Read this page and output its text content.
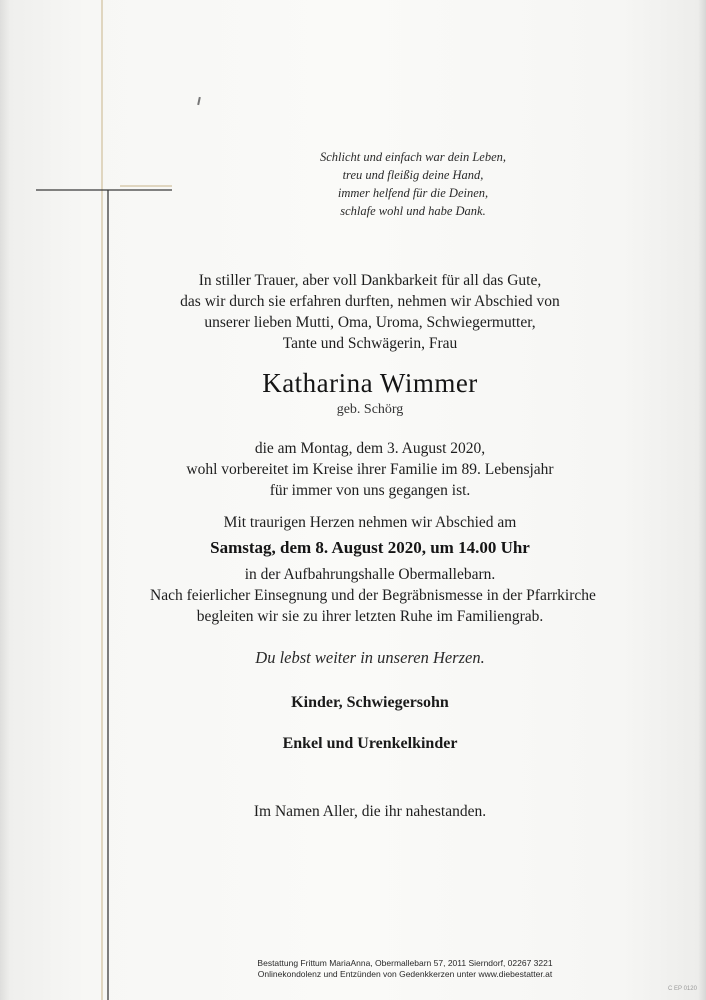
Schlicht und einfach war dein Leben,
treu und fleißig deine Hand,
immer helfend für die Deinen,
schlafe wohl und habe Dank.
In stiller Trauer, aber voll Dankbarkeit für all das Gute,
das wir durch sie erfahren durften, nehmen wir Abschied von
unserer lieben Mutti, Oma, Uroma, Schwiegermutter,
Tante und Schwägerin, Frau
Katharina Wimmer
geb. Schörg
die am Montag, dem 3. August 2020,
wohl vorbereitet im Kreise ihrer Familie im 89. Lebensjahr
für immer von uns gegangen ist.
Mit traurigen Herzen nehmen wir Abschied am
Samstag, dem 8. August 2020, um 14.00 Uhr
in der Aufbahrungshalle Obermallebarn.
Nach feierlicher Einsegnung und der Begräbnismesse in der Pfarrkirche
begleiten wir sie zu ihrer letzten Ruhe im Familiengrab.
Du lebst weiter in unseren Herzen.
Kinder, Schwiegersohn
Enkel und Urenkelkinder
Im Namen Aller, die ihr nahestanden.
Bestattung Frittum MariaAnna, Obermallebarn 57, 2011 Sierndorf, 02267 3221
Onlinekondolenz und Entzünden von Gedenkkerzen unter www.diebestatter.at
C EP 0120
